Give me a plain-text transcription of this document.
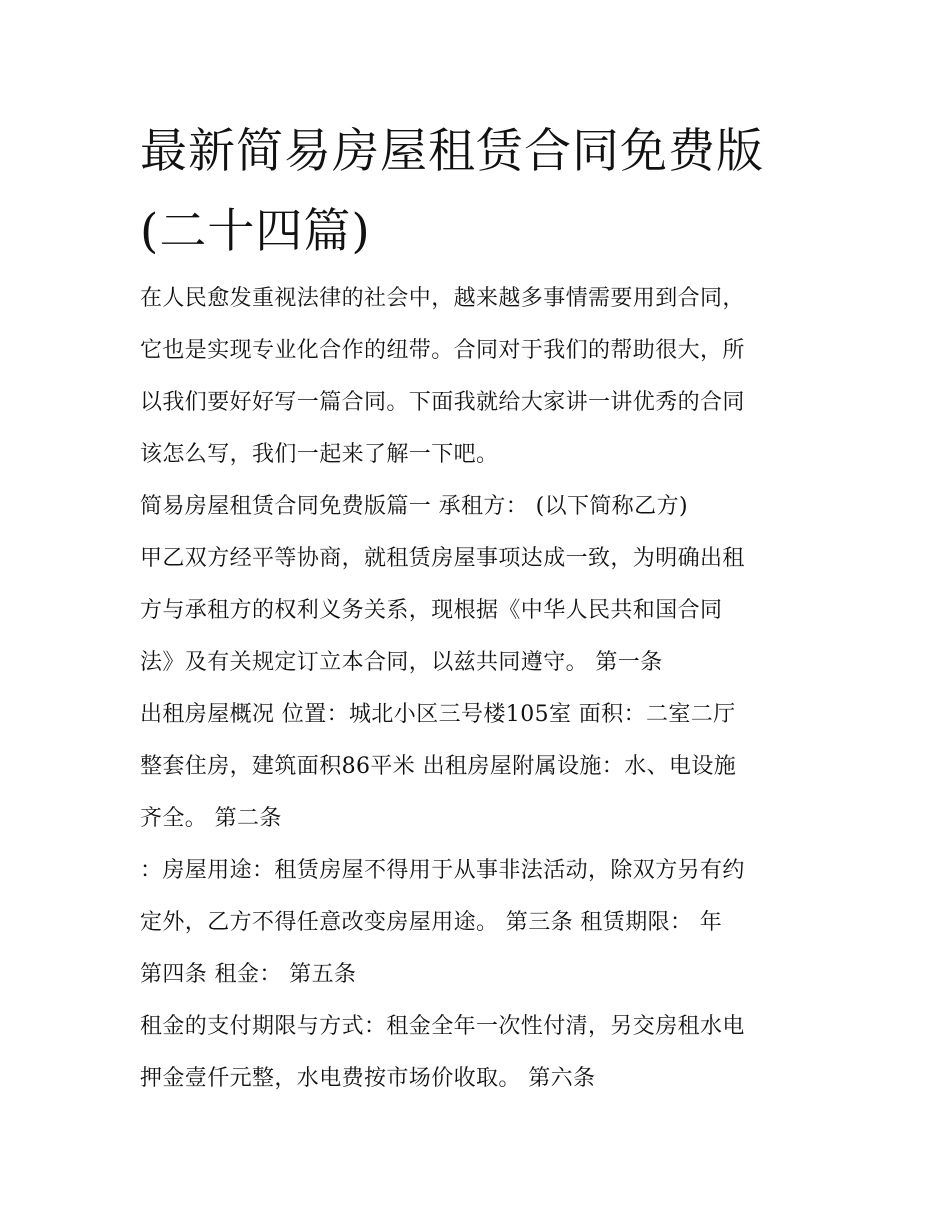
最新简易房屋租赁合同免费版
(二十四篇)
在人民愈发重视法律的社会中，越来越多事情需要用到合同，
它也是实现专业化合作的纽带。合同对于我们的帮助很大，所
以我们要好好写一篇合同。下面我就给大家讲一讲优秀的合同
该怎么写，我们一起来了解一下吧。
简易房屋租赁合同免费版篇一 承租方： (以下简称乙方)
甲乙双方经平等协商，就租赁房屋事项达成一致，为明确出租
方与承租方的权利义务关系，现根据《中华人民共和国合同
法》及有关规定订立本合同，以兹共同遵守。 第一条
出租房屋概况 位置：城北小区三号楼105室 面积：二室二厅
整套住房，建筑面积86平米 出租房屋附属设施：水、电设施
齐全。 第二条
：房屋用途：租赁房屋不得用于从事非法活动，除双方另有约
定外，乙方不得任意改变房屋用途。 第三条 租赁期限： 年
第四条 租金： 第五条
租金的支付期限与方式：租金全年一次性付清，另交房租水电
押金壹仟元整，水电费按市场价收取。 第六条
